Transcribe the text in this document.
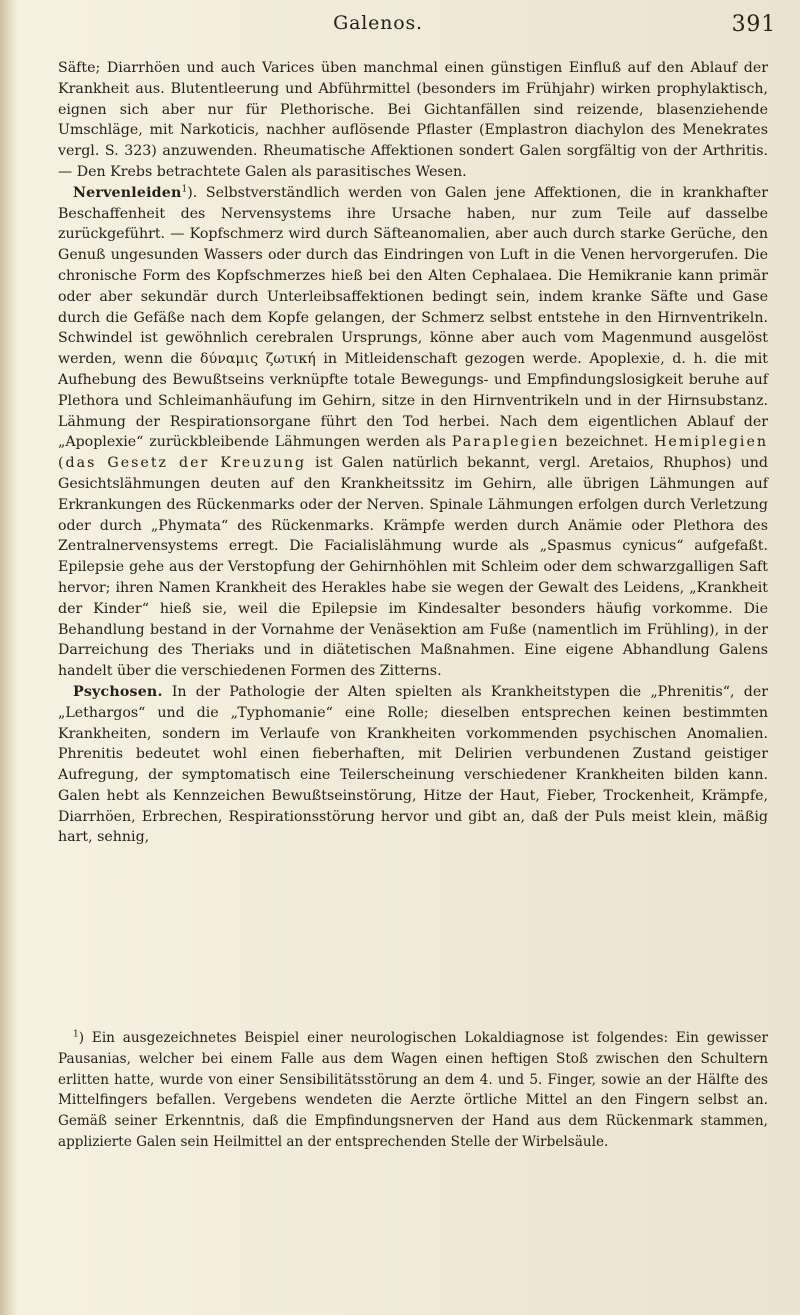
Galenos.	391

Säfte; Diarrhöen und auch Varices üben manchmal einen günstigen Einfluß auf den Ablauf der Krankheit aus. Blutentleerung und Abführmittel (besonders im Frühjahr) wirken prophylaktisch, eignen sich aber nur für Plethorische. Bei Gichtanfällen sind reizende, blasenziehende Umschläge, mit Narkoticis, nachher auflösende Pflaster (Emplastron diachylon des Menekrates vergl. S. 323) anzuwenden. Rheumatische Affektionen sondert Galen sorgfältig von der Arthritis. — Den Krebs betrachtete Galen als parasitisches Wesen.

Nervenleiden$^1$). Selbstverständlich werden von Galen jene Affektionen, die in krankhafter Beschaffenheit des Nervensystems ihre Ursache haben, nur zum Teile auf dasselbe zurückgeführt. — Kopfschmerz wird durch Säfteanomalien, aber auch durch starke Gerüche, den Genuß ungesunden Wassers oder durch das Eindringen von Luft in die Venen hervorgerufen. Die chronische Form des Kopfschmerzes hieß bei den Alten Cephalaea. Die Hemikranie kann primär oder aber sekundär durch Unterleibsaffektionen bedingt sein, indem kranke Säfte und Gase durch die Gefäße nach dem Kopfe gelangen, der Schmerz selbst entstehe in den Hirnventrikeln. Schwindel ist gewöhnlich cerebralen Ursprungs, könne aber auch vom Magenmund ausgelöst werden, wenn die δύναμις ζωτική in Mitleidenschaft gezogen werde. Apoplexie, d. h. die mit Aufhebung des Bewußtseins verknüpfte totale Bewegungs- und Empfindungslosigkeit beruhe auf Plethora und Schleimanhäufung im Gehirn, sitze in den Hirnventrikeln und in der Hirnsubstanz. Lähmung der Respirationsorgane führt den Tod herbei. Nach dem eigentlichen Ablauf der „Apoplexie“ zurückbleibende Lähmungen werden als Paraplegien bezeichnet. Hemiplegien (das Gesetz der Kreuzung ist Galen natürlich bekannt, vergl. Aretaios, Rhuphos) und Gesichtslähmungen deuten auf den Krankheitssitz im Gehirn, alle übrigen Lähmungen auf Erkrankungen des Rückenmarks oder der Nerven. Spinale Lähmungen erfolgen durch Verletzung oder durch „Phymata“ des Rückenmarks. Krämpfe werden durch Anämie oder Plethora des Zentralnervensystems erregt. Die Facialislähmung wurde als „Spasmus cynicus“ aufgefaßt. Epilepsie gehe aus der Verstopfung der Gehirnhöhlen mit Schleim oder dem schwarzgalligen Saft hervor; ihren Namen Krankheit des Herakles habe sie wegen der Gewalt des Leidens, „Krankheit der Kinder“ hieß sie, weil die Epilepsie im Kindesalter besonders häufig vorkomme. Die Behandlung bestand in der Vornahme der Venäsektion am Fuße (namentlich im Frühling), in der Darreichung des Theriaks und in diätetischen Maßnahmen. Eine eigene Abhandlung Galens handelt über die verschiedenen Formen des Zitterns.

Psychosen. In der Pathologie der Alten spielten als Krankheitstypen die „Phrenitis“, der „Lethargos“ und die „Typhomanie“ eine Rolle; dieselben entsprechen keinen bestimmten Krankheiten, sondern im Verlaufe von Krankheiten vorkommenden psychischen Anomalien. Phrenitis bedeutet wohl einen fieberhaften, mit Delirien verbundenen Zustand geistiger Aufregung, der symptomatisch eine Teilerscheinung verschiedener Krankheiten bilden kann. Galen hebt als Kennzeichen Bewußtseinstörung, Hitze der Haut, Fieber, Trockenheit, Krämpfe, Diarrhöen, Erbrechen, Respirationsstörung hervor und gibt an, daß der Puls meist klein, mäßig hart, sehnig,

$^1$) Ein ausgezeichnetes Beispiel einer neurologischen Lokaldiagnose ist folgendes: Ein gewisser Pausanias, welcher bei einem Falle aus dem Wagen einen heftigen Stoß zwischen den Schultern erlitten hatte, wurde von einer Sensibilitätsstörung an dem 4. und 5. Finger, sowie an der Hälfte des Mittelfingers befallen. Vergebens wendeten die Aerzte örtliche Mittel an den Fingern selbst an. Gemäß seiner Erkenntnis, daß die Empfindungsnerven der Hand aus dem Rückenmark stammen, applizierte Galen sein Heilmittel an der entsprechenden Stelle der Wirbelsäule.
